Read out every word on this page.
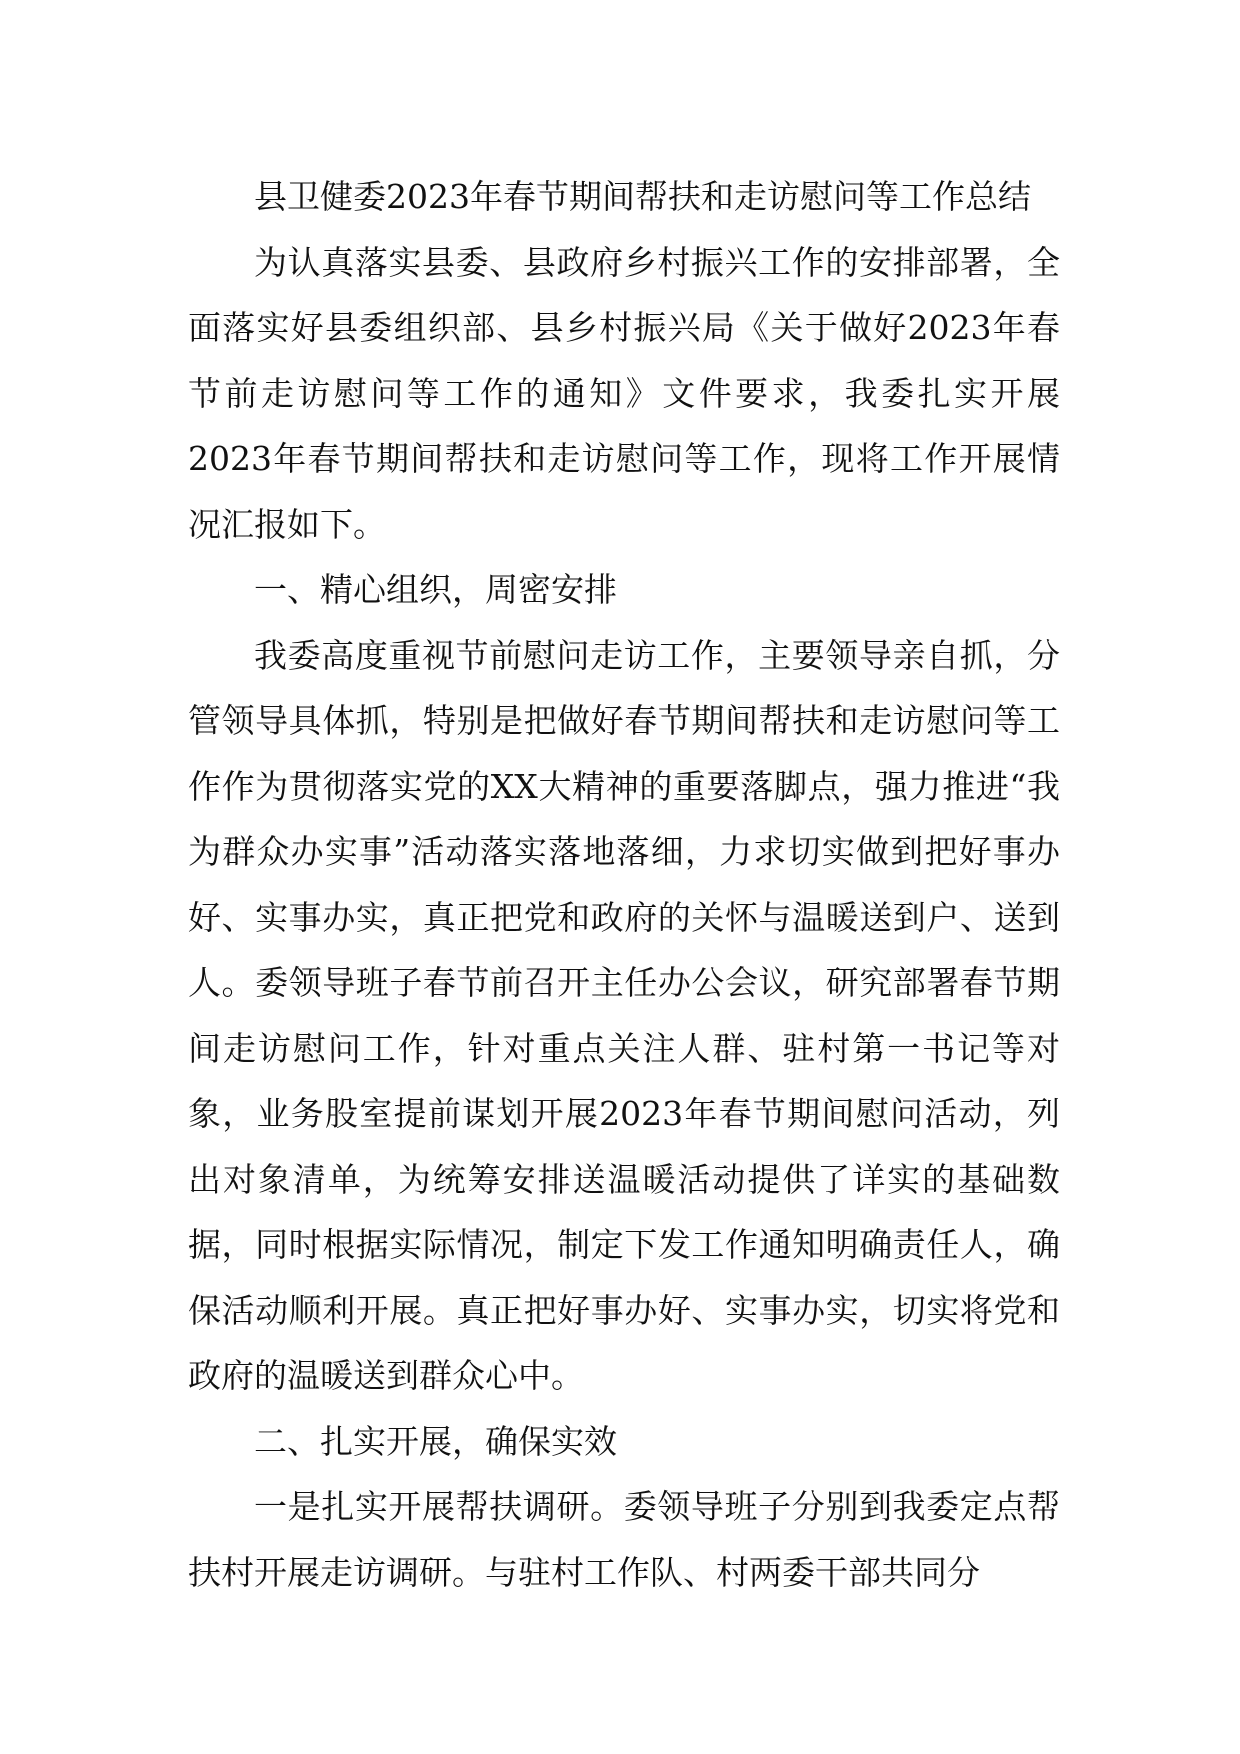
县卫健委2023年春节期间帮扶和走访慰问等工作总结

为认真落实县委、县政府乡村振兴工作的安排部署，全面落实好县委组织部、县乡村振兴局《关于做好2023年春节前走访慰问等工作的通知》文件要求，我委扎实开展2023年春节期间帮扶和走访慰问等工作，现将工作开展情况汇报如下。

一、精心组织，周密安排

我委高度重视节前慰问走访工作，主要领导亲自抓，分管领导具体抓，特别是把做好春节期间帮扶和走访慰问等工作作为贯彻落实党的XX大精神的重要落脚点，强力推进“我为群众办实事”活动落实落地落细，力求切实做到把好事办好、实事办实，真正把党和政府的关怀与温暖送到户、送到人。委领导班子春节前召开主任办公会议，研究部署春节期间走访慰问工作，针对重点关注人群、驻村第一书记等对象，业务股室提前谋划开展2023年春节期间慰问活动，列出对象清单，为统筹安排送温暖活动提供了详实的基础数据，同时根据实际情况，制定下发工作通知明确责任人，确保活动顺利开展。真正把好事办好、实事办实，切实将党和政府的温暖送到群众心中。

二、扎实开展，确保实效

一是扎实开展帮扶调研。委领导班子分别到我委定点帮扶村开展走访调研。与驻村工作队、村两委干部共同分
